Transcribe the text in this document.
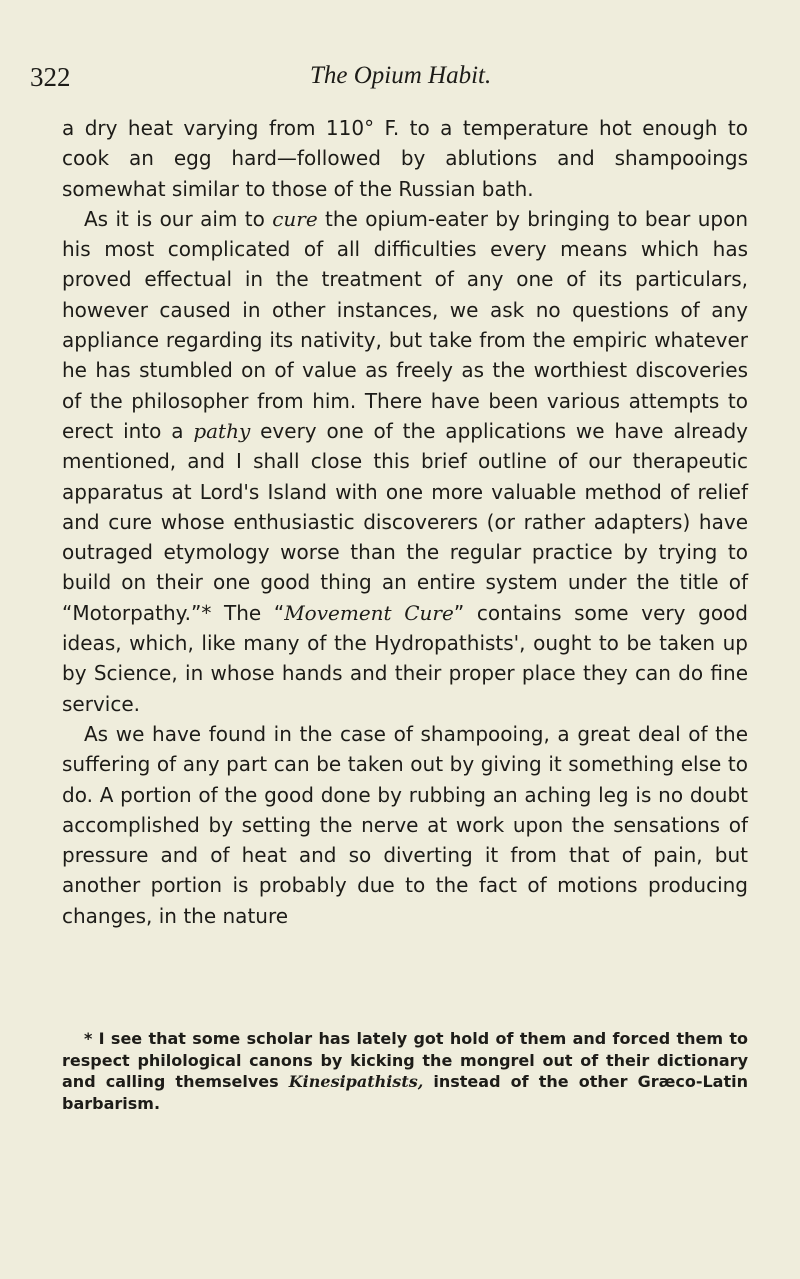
322	The Opium Habit.

a dry heat varying from 110° F. to a temperature hot enough to cook an egg hard—followed by ablutions and shampooings somewhat similar to those of the Russian bath.

As it is our aim to cure the opium-eater by bringing to bear upon his most complicated of all difficulties every means which has proved effectual in the treatment of any one of its particulars, however caused in other instances, we ask no questions of any appliance regarding its nativity, but take from the empiric whatever he has stumbled on of value as freely as the worthiest discoveries of the philosopher from him. There have been various attempts to erect into a pathy every one of the applications we have already mentioned, and I shall close this brief outline of our therapeutic apparatus at Lord's Island with one more valuable method of relief and cure whose enthusiastic discoverers (or rather adapters) have outraged etymology worse than the regular practice by trying to build on their one good thing an entire system under the title of “Motorpathy.”* The “Movement Cure” contains some very good ideas, which, like many of the Hydropathists', ought to be taken up by Science, in whose hands and their proper place they can do fine service.

As we have found in the case of shampooing, a great deal of the suffering of any part can be taken out by giving it something else to do. A portion of the good done by rubbing an aching leg is no doubt accomplished by setting the nerve at work upon the sensations of pressure and of heat and so diverting it from that of pain, but another portion is probably due to the fact of motions producing changes, in the nature

* I see that some scholar has lately got hold of them and forced them to respect philological canons by kicking the mongrel out of their dictionary and calling themselves Kinesipathists, instead of the other Græco-Latin barbarism.
